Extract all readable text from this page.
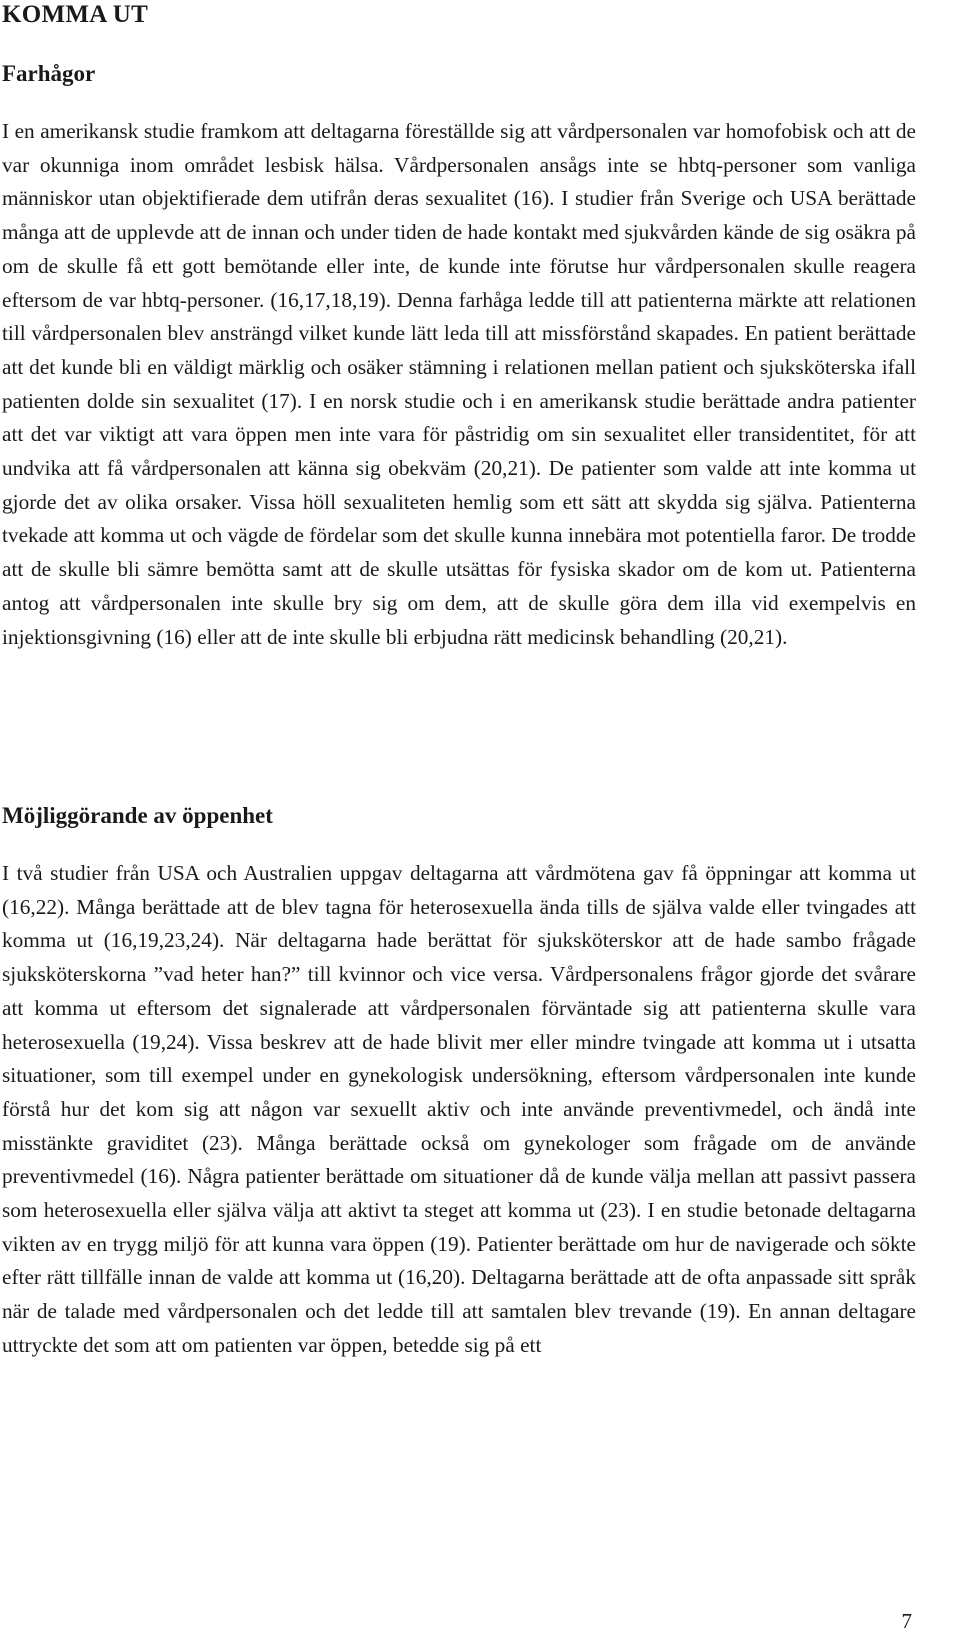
KOMMA UT
Farhågor

I en amerikansk studie framkom att deltagarna föreställde sig att vårdpersonalen var homofobisk och att de var okunniga inom området lesbisk hälsa. Vårdpersonalen ansågs inte se hbtq-personer som vanliga människor utan objektifierade dem utifrån deras sexualitet (16). I studier från Sverige och USA berättade många att de upplevde att de innan och under tiden de hade kontakt med sjukvården kände de sig osäkra på om de skulle få ett gott bemötande eller inte, de kunde inte förutse hur vårdpersonalen skulle reagera eftersom de var hbtq-personer. (16,17,18,19). Denna farhåga ledde till att patienterna märkte att relationen till vårdpersonalen blev ansträngd vilket kunde lätt leda till att missförstånd skapades. En patient berättade att det kunde bli en väldigt märklig och osäker stämning i relationen mellan patient och sjuksköterska ifall patienten dolde sin sexualitet (17). I en norsk studie och i en amerikansk studie berättade andra patienter att det var viktigt att vara öppen men inte vara för påstridig om sin sexualitet eller transidentitet, för att undvika att få vårdpersonalen att känna sig obekväm (20,21). De patienter som valde att inte komma ut gjorde det av olika orsaker. Vissa höll sexualiteten hemlig som ett sätt att skydda sig själva. Patienterna tvekade att komma ut och vägde de fördelar som det skulle kunna innebära mot potentiella faror. De trodde att de skulle bli sämre bemötta samt att de skulle utsättas för fysiska skador om de kom ut. Patienterna antog att vårdpersonalen inte skulle bry sig om dem, att de skulle göra dem illa vid exempelvis en injektionsgivning (16) eller att de inte skulle bli erbjudna rätt medicinsk behandling (20,21).

Möjliggörande av öppenhet

I två studier från USA och Australien uppgav deltagarna att vårdmötena gav få öppningar att komma ut (16,22). Många berättade att de blev tagna för heterosexuella ända tills de själva valde eller tvingades att komma ut (16,19,23,24). När deltagarna hade berättat för sjuksköterskor att de hade sambo frågade sjuksköterskorna ”vad heter han?” till kvinnor och vice versa. Vårdpersonalens frågor gjorde det svårare att komma ut eftersom det signalerade att vårdpersonalen förväntade sig att patienterna skulle vara heterosexuella (19,24). Vissa beskrev att de hade blivit mer eller mindre tvingade att komma ut i utsatta situationer, som till exempel under en gynekologisk undersökning, eftersom vårdpersonalen inte kunde förstå hur det kom sig att någon var sexuellt aktiv och inte använde preventivmedel, och ändå inte misstänkte graviditet (23). Många berättade också om gynekologer som frågade om de använde preventivmedel (16). Några patienter berättade om situationer då de kunde välja mellan att passivt passera som heterosexuella eller själva välja att aktivt ta steget att komma ut (23). I en studie betonade deltagarna vikten av en trygg miljö för att kunna vara öppen (19). Patienter berättade om hur de navigerade och sökte efter rätt tillfälle innan de valde att komma ut (16,20). Deltagarna berättade att de ofta anpassade sitt språk när de talade med vårdpersonalen och det ledde till att samtalen blev trevande (19). En annan deltagare uttryckte det som att om patienten var öppen, betedde sig på ett

7
